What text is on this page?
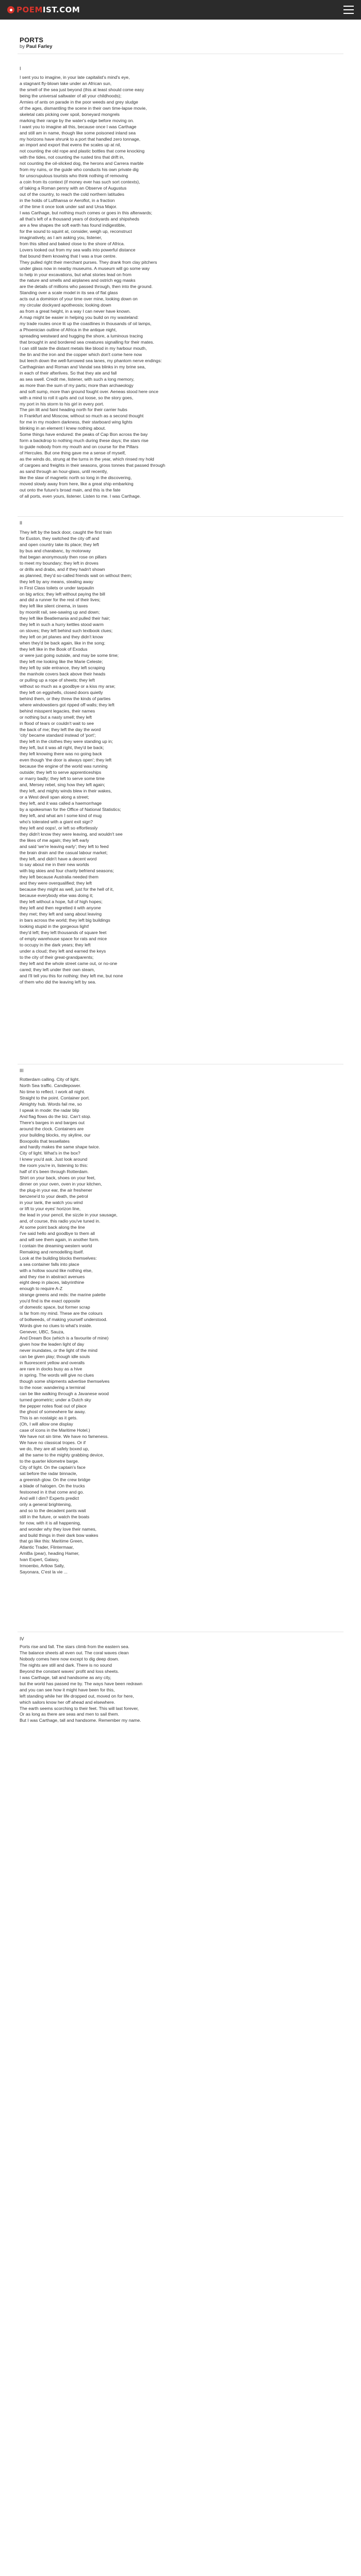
POEMIST.COM
PORTS
by Paul Farley
I

I sent you to imagine, in your late capitalist's mind's eye,
a stagnant fly-blown lake under an African sun,
the smell of the sea just beyond (this at least should come easy
being the universal saltwater of all your childhoods);
Armies of ants on parade in the poor weeds and grey sludge
of the ages, dismantling the scene in their own time-lapse movie,
skeletal cats picking over spoil, boneyard mongrels
marking their range by the water's edge before moving on.
I want you to imagine all this, because once I was Carthage
and still am in name, though like some poisoned inland sea
my horizons have shrunk to a port that handled zero tonnage,
an import and export that evens the scales up at nil,
not counting the old rope and plastic bottles that come knocking
with the tides, not counting the rusted tins that drift in,
not counting the oil-slicked dog, the herons and Carrera marble
from my ruins, or the guide who conducts his own private dig
for unscrupulous tourists who think nothing of removing
a coin from its context (if money ever has such sort contexts),
of taking a Roman penny with an Observe of Augustus
out of the country, to reach the cold northern latitudes
in the holds of Lufthansa or Aeroflot, in a fraction
of the time it once took under sail and Ursa Major.
I was Carthage, but nothing much comes or goes in this afterwards;
all that's left of a thousand years of dockyards and shipsheds
are a few shapes the soft earth has found indigestible,
for the sound to squint at, consider, weigh up, reconstruct
imaginatively, as I am asking you, listener,
from this silted and baked close to the shore of Africa.
Lovers looked out from my sea walls into powerful distance
that bound them knowing that I was a true centre.
They pulled right their merchant purses. They drank from clay pitchers
under glass now in nearby museums. A museum will go some way
to help in your excavations, but what stories lead on from
the nature and smells and airplanes and ostrich egg masks
are the details of millions who passed through, then into the ground.
Standing over a scale model in its sea of flat glass
acts out a dominion of your time over mine, looking down on
my circular dockyard apotheosis; looking down
as from a great height, in a way I can never have known.
A map might be easier in helping you build on my wasteland:
my trade routes once lit up the coastlines in thousands of oil lamps,
a Phoenician outline of Africa in the antique night,
spreading westward and hugging the shore, a luminous tracing
that brought in and bordered sea creatures signalling for their mates.
I can still taste the distant metals like blood in my harbour mouth,
the tin and the iron and the copper which don't come here now
but leech down the well-furrowed sea lanes, my phantom nerve endings:
Carthaginian and Roman and Vandal sea blinks in my brine sea,
in each of their afterlives. So that they ate and fall
as sea swell. Credit me, listener, with such a long memory,
as more than the sum of my parts; more than archaeology
and soft sump, more than ground fought over. Aeneas stood here once
with a mind to roll it up/is and cut loose, so the story goes,
my port in his storm to his girl in every port.
The pin lilt and faint heading north for their carrier hubs
in Frankfurt and Moscow, without so much as a second thought
for me in my modern darkness, their starboard wing lights
blinking in an element I knew nothing about.
Some things have endured: the peaks of Cap Bon across the bay
form a backdrop to nothing much during these days; the stars rise
to guide nobody from my mouth and on course for the Pillars
of Hercules. But one thing gave me a sense of myself,
as the winds do, strung at the turns in the year, which rinsed my hold
of cargoes and freights in their seasons, gross tonnes that passed through
as sand through an hour-glass, until recently,
like the slaw of magnetic north so long in the discovering,
moved slowly away from here, like a great ship embarking
out onto the future's broad main, and this is the fate
of all ports, even yours, listener. Listen to me. I was Carthage.

II

They left by the back door, caught the first train
for Euston, they switched the city off and
and open country take its place; they left
by bus and charabanc, by motorway
that began anonymously then rose on pillars
to meet my boundary; they left in droves
or drills and drabs, and if they hadn't shown
as planned, they'd so-called friends wait on without them;
they left by any means, stealing away
in First Class toilets or under tarpaulin
on big artics; they left without paying the bill
and did a runner for the rest of their lives;
they left like silent cinema, in taxes
by moonlit rail, see-sawing up and down;
they left like Beatlemania and pulled their hair;
they left in such a hurry kettles stood warm
on stoves; they left behind such textbook clues;
they left on jet planes and they didn't know
when they'd be back again, like in the song;
they left like in the Book of Exodus
or were just going outside, and may be some time;
they left me looking like the Marie Celeste;
they left by side entrance, they left scraping
the manhole covers back above their heads
or pulling up a rope of sheets; they left
without so much as a goodbye or a kiss my arse;
they left on eggshells, closed doors quietly
behind them, or they threw the kinds of parties
where windowstiers got ripped off walls; they left
behind misspent legacies, their names
or nothing but a nasty smell; they left
in flood of tears or couldn't wait to see
the back of me; they left the day the word
'city' became standard instead of 'port';
they left in the clothes they were standing up in;
they left, but it was all right, they'd be back;
they left knowing there was no going back
even though 'the door is always open'; they left
because the engine of the world was running
outside; they left to serve apprenticeships
or marry badly; they left to serve some time
and, Mersey rebel, sing how they left again;
they left, and mighty winds blew in their wakes,
or a West devil span along a street;
they left, and it was called a haemorrhage
by a spokesman for the Office of National Statistics;
they left, and what am I some kind of mug
who's tolerated with a giant exit sign?
they left and oops!, or left so effortlessly
they didn't know they were leaving, and wouldn't see
the likes of me again; they left early
and said 'we're leaving early'; they left to feed
the brain drain and the casual labour market;
they left, and didn't have a decent word
to say about me in their new worlds
with big skies and four charity befriend seasons;
they left because Australia needed them
and they were overqualified; they left
because they might as well, just for the hell of it,
because everybody else was doing it;
they left without a hope, full of high hopes;
they left and then regretted it with anyone
they met; they left and sang about leaving
in bars across the world; they left big buildings
looking stupid in the gorgeous light!
they'd left; they left thousands of square feet
of empty warehouse space for rats and mice
to occupy in the dark years; they left
under a cloud; they left and earned the keys
to the city of their great-grandparents;
they left and the whole street came out, or no-one
cared; they left under their own steam,
and I'll tell you this for nothing: they left me, but none
of them who did the leaving left by sea.

III

Rotterdam calling. City of light.
North Sea traffic. Candlepower.
No time to reflect. I work all night.
Straight to the point. Container port.
Almighty hub. Words fail me, so
I speak in mode: the radar blip
And flag flows do the biz. Can't stop.
There's barges in and barges out
around the clock. Containers are
your building blocks, my skyline, our
Boxopolis that tessellates
and hardly makes the same shape twice.
City of light. What's in the box?
I knew you'd ask. Just look around
the room you're in, listening to this:
half of it's been through Rotterdam.
Shirt on your back, shoes on your feet,
dinner on your oven, oven in your kitchen,
the plug-in your ear, the air freshener
benzene'd to your death, the petrol
in your tank, the watch you wind
or lift to your eyes' horizon line,
the lead in your pencil, the sizzle in your sausage,
and, of course, this radio you've tuned in.
At some point back along the line
I've said hello and goodbye to them all
and will see them again, in another form.
I contain the dreaming western world
Remaking and remodelling itself.
Look at the building blocks themselves:
a sea container falls into place
with a hollow sound like nothing else,
and they rise in abstract avenues
eight deep in places, labyrinthine
enough to require A-Z
strange greens and reds: the marine palette
you'd find is the exact opposite
of domestic space, but former scrap
is far from my mind. These are the colours
of bollweeds, of making yourself understood.
Words give no clues to what's inside.
Genever, UBC, Sauza,
And Dream Box (which is a favourite of mine)
given how the leaden light of day
never inundates, or the light of the mind
can be given play; though idle souls
in fluorescent yellow and overalls
are rare in docks busy as a hive
in spring. The words will give no clues
though some shipments advertise themselves
to the nose: wandering a terminal
can be like walking through a Javanese wood
turned geometric; under a Dutch sky
the pepper notes float out of place
the ghost of somewhere far away.
This is an nostalgic as it gets.
(Oh, I will allow one display
case of icons in the Maritime Hotel.)
We have not sin time. We have no fameness.
We have no classical tropes. Or if
we do, they are all safely boxed up,
all the same to the mighty grabbing device,
to the quarter kilometre barge.
City of light. On the captain's face
sat before the radar binnacle,
a greenish glow. On the crew bridge
a blade of halogen. On the trucks
festooned in it that come and go.
And will I dim? Experts predict
only a general brightening,
and so to the decadent pants wait
still in the future, or watch the boats
for now, with it is all happening,
and wonder why they love their names,
and build things in their dark bow wakes
that go like this: Maritime Green,
Atlantic Trader, Flintermaar,
AmiBa (pear), heading Hamer,
Ivan Expert, Galaxy,
Irmoenbo, Artlow Sally,
Sayonara, C'est la vie ...

IV

Ports rise and fall. The stars climb from the eastern sea.
The balance sheets all even out. The coral waves clean
Nobody comes here now except to dig deep down.
The nights are still and dark. There is no sound
Beyond the constant waves' profit and loss sheets.
I was Carthage, tall and handsome as any city,
but the world has passed me by. The ways have been redrawn
and you can see how it might have been for this,
left standing while her life dropped out, moved on for here,
which sailors know her off ahead and elsewhere.
The earth seems scorching to their feet. This will last forever,
Or as long as there are seas and men to sail them.
But I was Carthage, tall and handsome. Remember my name.
